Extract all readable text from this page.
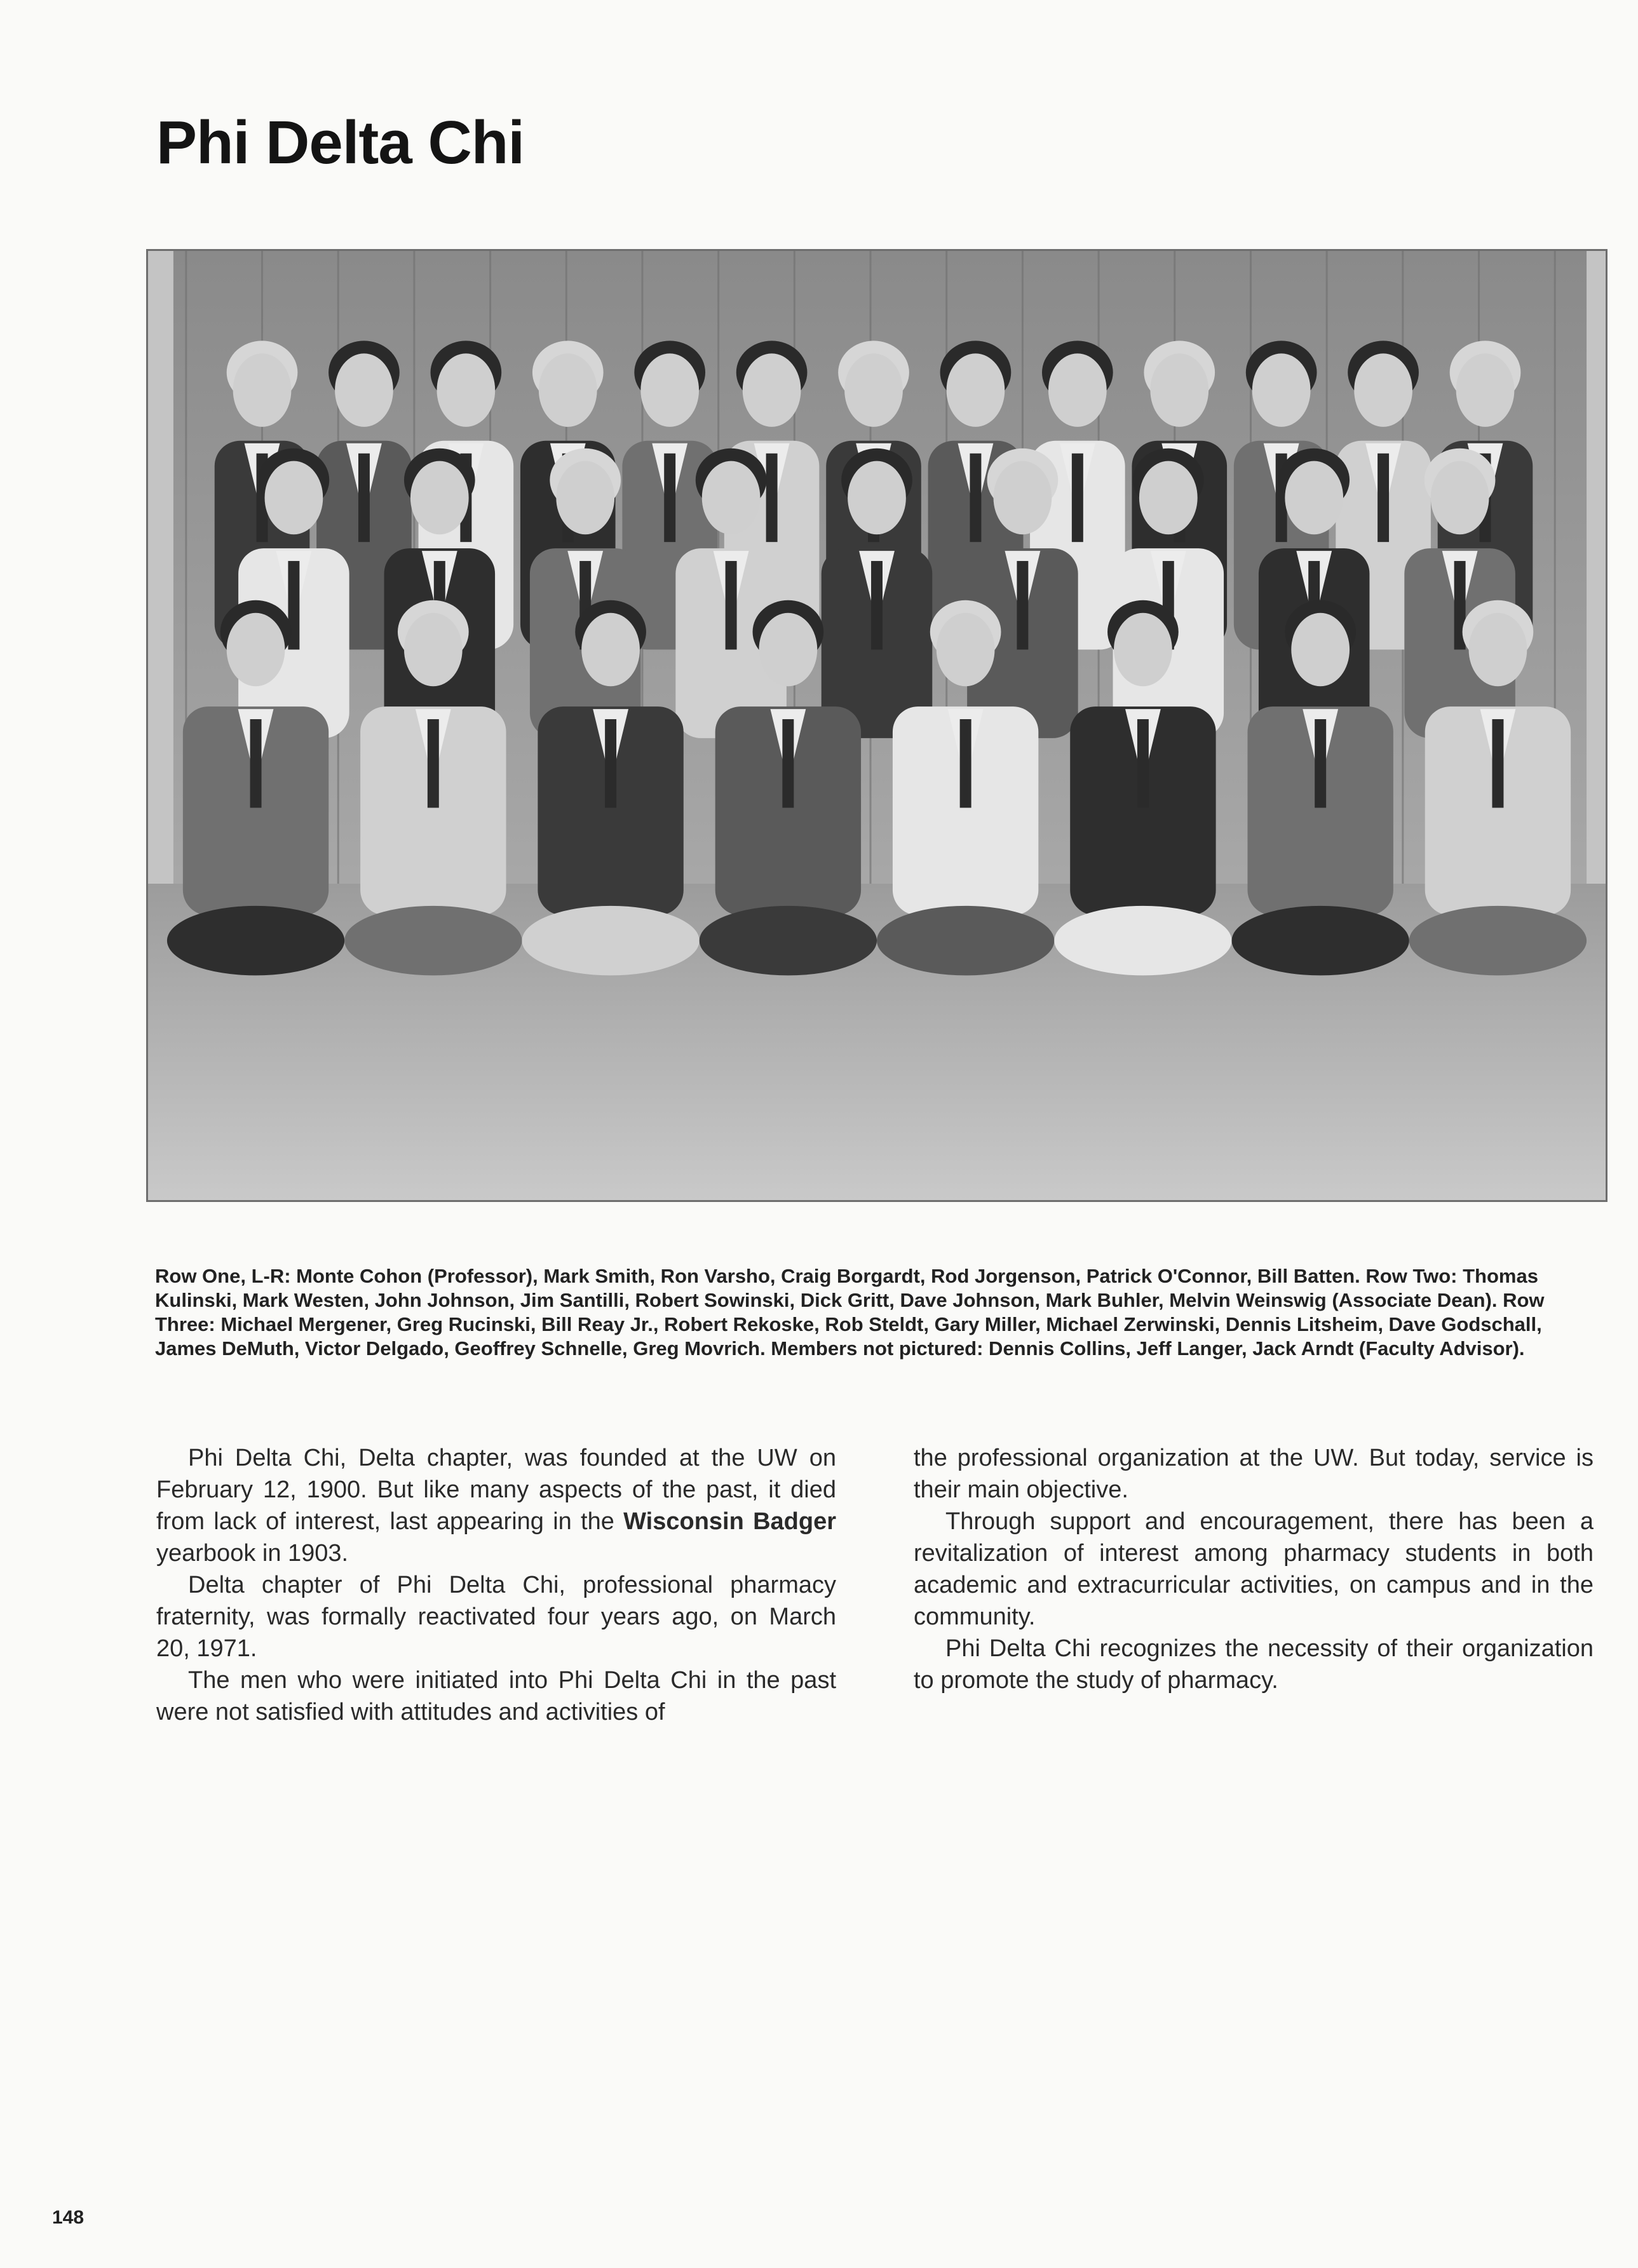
Phi Delta Chi

Row One, L-R: Monte Cohon (Professor), Mark Smith, Ron Varsho, Craig Borgardt, Rod Jorgenson, Patrick O'Connor, Bill Batten. Row Two: Thomas Kulinski, Mark Westen, John Johnson, Jim Santilli, Robert Sowinski, Dick Gritt, Dave Johnson, Mark Buhler, Melvin Weinswig (Associate Dean). Row Three: Michael Mergener, Greg Rucinski, Bill Reay Jr., Robert Rekoske, Rob Steldt, Gary Miller, Michael Zerwinski, Dennis Litsheim, Dave Godschall, James DeMuth, Victor Delgado, Geoffrey Schnelle, Greg Movrich. Members not pictured: Dennis Collins, Jeff Langer, Jack Arndt (Faculty Advisor).

Phi Delta Chi, Delta chapter, was founded at the UW on February 12, 1900. But like many aspects of the past, it died from lack of interest, last appearing in the Wisconsin Badger yearbook in 1903.

Delta chapter of Phi Delta Chi, professional pharmacy fraternity, was formally reactivated four years ago, on March 20, 1971.

The men who were initiated into Phi Delta Chi in the past were not satisfied with attitudes and activities of

the professional organization at the UW. But today, service is their main objective.

Through support and encouragement, there has been a revitalization of interest among pharmacy students in both academic and extracurricular activities, on campus and in the community.

Phi Delta Chi recognizes the necessity of their organization to promote the study of pharmacy.

148
